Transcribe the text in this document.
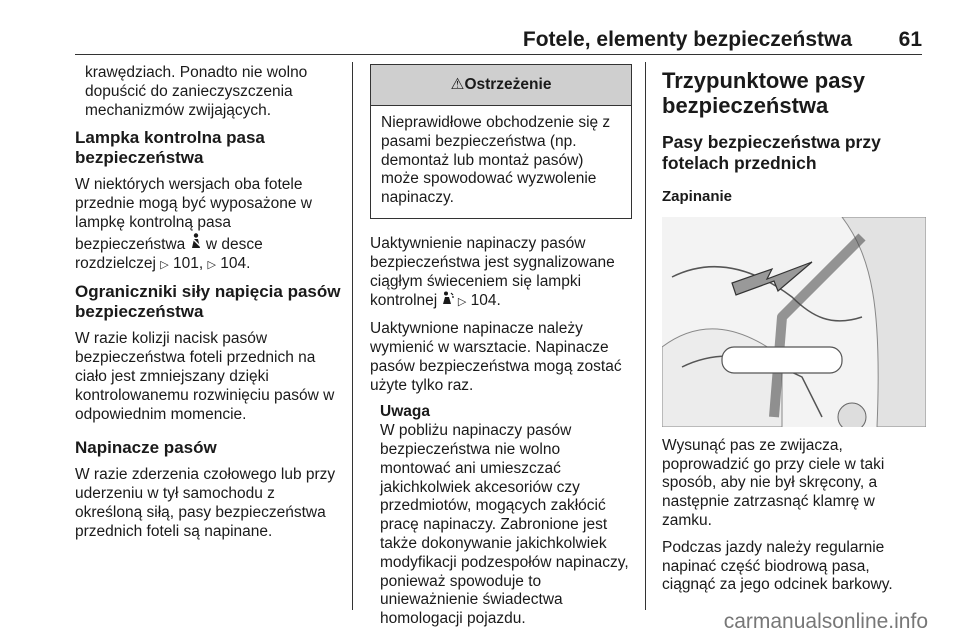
Fotele, elementy bezpieczeństwa 61

krawędziach. Ponadto nie wolno
dopuścić do zanieczyszczenia
mechanizmów zwijających.

Lampka kontrolna pasa bezpieczeństwa

W niektórych wersjach oba fotele przednie mogą być wyposażone w lampkę kontrolną pasa bezpieczeństwa  w desce rozdzielczej ▷ 101, ▷ 104.

Ograniczniki siły napięcia pasów bezpieczeństwa

W razie kolizji nacisk pasów bezpieczeństwa foteli przednich na ciało jest zmniejszany dzięki kontrolowanemu rozwinięciu pasów w odpowiednim momencie.

Napinacze pasów

W razie zderzenia czołowego lub przy uderzeniu w tył samochodu z określoną siłą, pasy bezpieczeństwa przednich foteli są napinane.

⚠ Ostrzeżenie
Nieprawidłowe obchodzenie się z pasami bezpieczeństwa (np. demontaż lub montaż pasów) może spowodować wyzwolenie napinaczy.

Uaktywnienie napinaczy pasów bezpieczeństwa jest sygnalizowane ciągłym świeceniem się lampki kontrolnej  ▷ 104.

Uaktywnione napinacze należy wymienić w warsztacie. Napinacze pasów bezpieczeństwa mogą zostać użyte tylko raz.

Uwaga
W pobliżu napinaczy pasów bezpieczeństwa nie wolno montować ani umieszczać jakichkolwiek akcesoriów czy przedmiotów, mogących zakłócić pracę napinaczy. Zabronione jest także dokonywanie jakichkolwiek modyfikacji podzespołów napinaczy, ponieważ spowoduje to unieważnienie świadectwa homologacji pojazdu.
Trzypunktowe pasy bezpieczeństwa
Pasy bezpieczeństwa przy fotelach przednich
Zapinanie

Wysunąć pas ze zwijacza, poprowadzić go przy ciele w taki sposób, aby nie był skręcony, a następnie zatrzasnąć klamrę w zamku.

Podczas jazdy należy regularnie napinać część biodrową pasa, ciągnąć za jego odcinek barkowy.

carmanualsonline.info
